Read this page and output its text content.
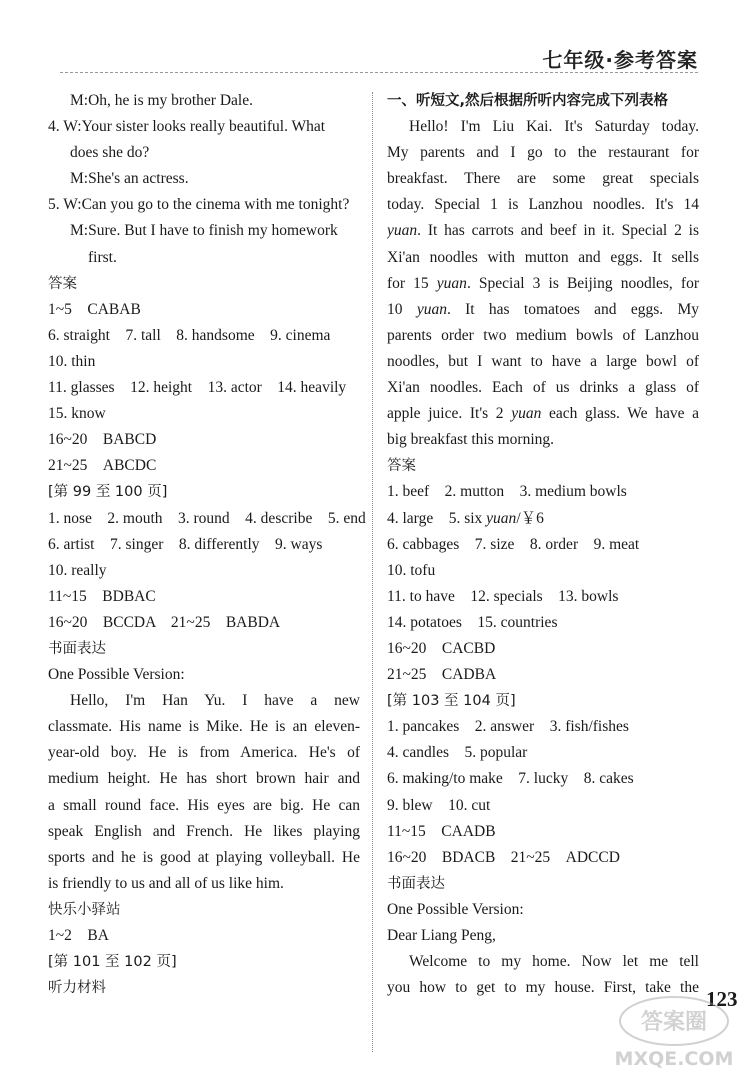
七年级·参考答案
M:Oh, he is my brother Dale.
4. W:Your sister looks really beautiful. What
does she do?
M:She's an actress.
5. W:Can you go to the cinema with me tonight?
M:Sure. But I have to finish my homework
first.
答案
1~5　CABAB
6. straight　7. tall　8. handsome　9. cinema
10. thin
11. glasses　12. height　13. actor　14. heavily
15. know
16~20　BABCD
21~25　ABCDC
[第 99 至 100 页]
1. nose　2. mouth　3. round　4. describe　5. end
6. artist　7. singer　8. differently　9. ways
10. really
11~15　BDBAC
16~20　BCCDA　21~25　BABDA
书面表达
One Possible Version:
Hello, I'm Han Yu. I have a new
classmate. His name is Mike. He is an eleven-
year-old boy. He is from America. He's of
medium height. He has short brown hair and
a small round face. His eyes are big. He can
speak English and French. He likes playing
sports and he is good at playing volleyball. He
is friendly to us and all of us like him.
快乐小驿站
1~2　BA
[第 101 至 102 页]
听力材料
一、听短文,然后根据所听内容完成下列表格
Hello! I'm Liu Kai. It's Saturday today.
My parents and I go to the restaurant for
breakfast. There are some great specials
today. Special 1 is Lanzhou noodles. It's 14
yuan. It has carrots and beef in it. Special 2 is
Xi'an noodles with mutton and eggs. It sells
for 15 yuan. Special 3 is Beijing noodles, for
10 yuan. It has tomatoes and eggs. My
parents order two medium bowls of Lanzhou
noodles, but I want to have a large bowl of
Xi'an noodles. Each of us drinks a glass of
apple juice. It's 2 yuan each glass. We have a
big breakfast this morning.
答案
1. beef　2. mutton　3. medium bowls
4. large　5. six yuan/￥6
6. cabbages　7. size　8. order　9. meat
10. tofu
11. to have　12. specials　13. bowls
14. potatoes　15. countries
16~20　CACBD
21~25　CADBA
[第 103 至 104 页]
1. pancakes　2. answer　3. fish/fishes
4. candles　5. popular
6. making/to make　7. lucky　8. cakes
9. blew　10. cut
11~15　CAADB
16~20　BDACB　21~25　ADCCD
书面表达
One Possible Version:
Dear Liang Peng,
Welcome to my home. Now let me tell
you how to get to my house. First, take the 123
答案圈
MXQE.COM
